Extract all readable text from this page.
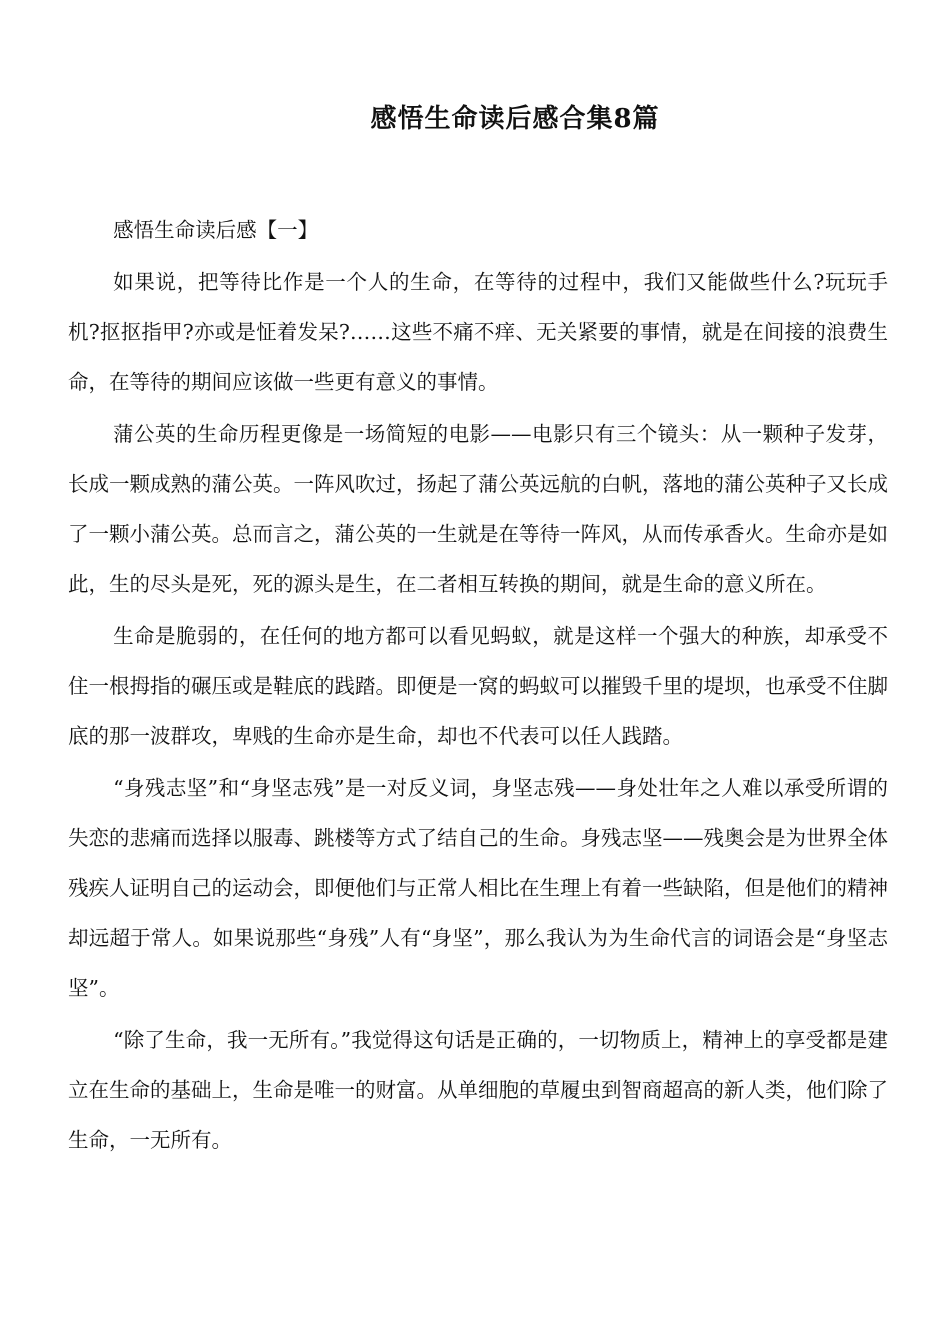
感悟生命读后感合集8篇

感悟生命读后感【一】

如果说，把等待比作是一个人的生命，在等待的过程中，我们又能做些什么?玩玩手机?抠抠指甲?亦或是怔着发呆?……这些不痛不痒、无关紧要的事情，就是在间接的浪费生命，在等待的期间应该做一些更有意义的事情。

蒲公英的生命历程更像是一场简短的电影——电影只有三个镜头：从一颗种子发芽，长成一颗成熟的蒲公英。一阵风吹过，扬起了蒲公英远航的白帆，落地的蒲公英种子又长成了一颗小蒲公英。总而言之，蒲公英的一生就是在等待一阵风，从而传承香火。生命亦是如此，生的尽头是死，死的源头是生，在二者相互转换的期间，就是生命的意义所在。

生命是脆弱的，在任何的地方都可以看见蚂蚁，就是这样一个强大的种族，却承受不住一根拇指的碾压或是鞋底的践踏。即便是一窝的蚂蚁可以摧毁千里的堤坝，也承受不住脚底的那一波群攻，卑贱的生命亦是生命，却也不代表可以任人践踏。

“身残志坚”和“身坚志残”是一对反义词，身坚志残——身处壮年之人难以承受所谓的失恋的悲痛而选择以服毒、跳楼等方式了结自己的生命。身残志坚——残奥会是为世界全体残疾人证明自己的运动会，即便他们与正常人相比在生理上有着一些缺陷，但是他们的精神却远超于常人。如果说那些“身残”人有“身坚”，那么我认为为生命代言的词语会是“身坚志坚”。

“除了生命，我一无所有。”我觉得这句话是正确的，一切物质上，精神上的享受都是建立在生命的基础上，生命是唯一的财富。从单细胞的草履虫到智商超高的新人类，他们除了生命，一无所有。
